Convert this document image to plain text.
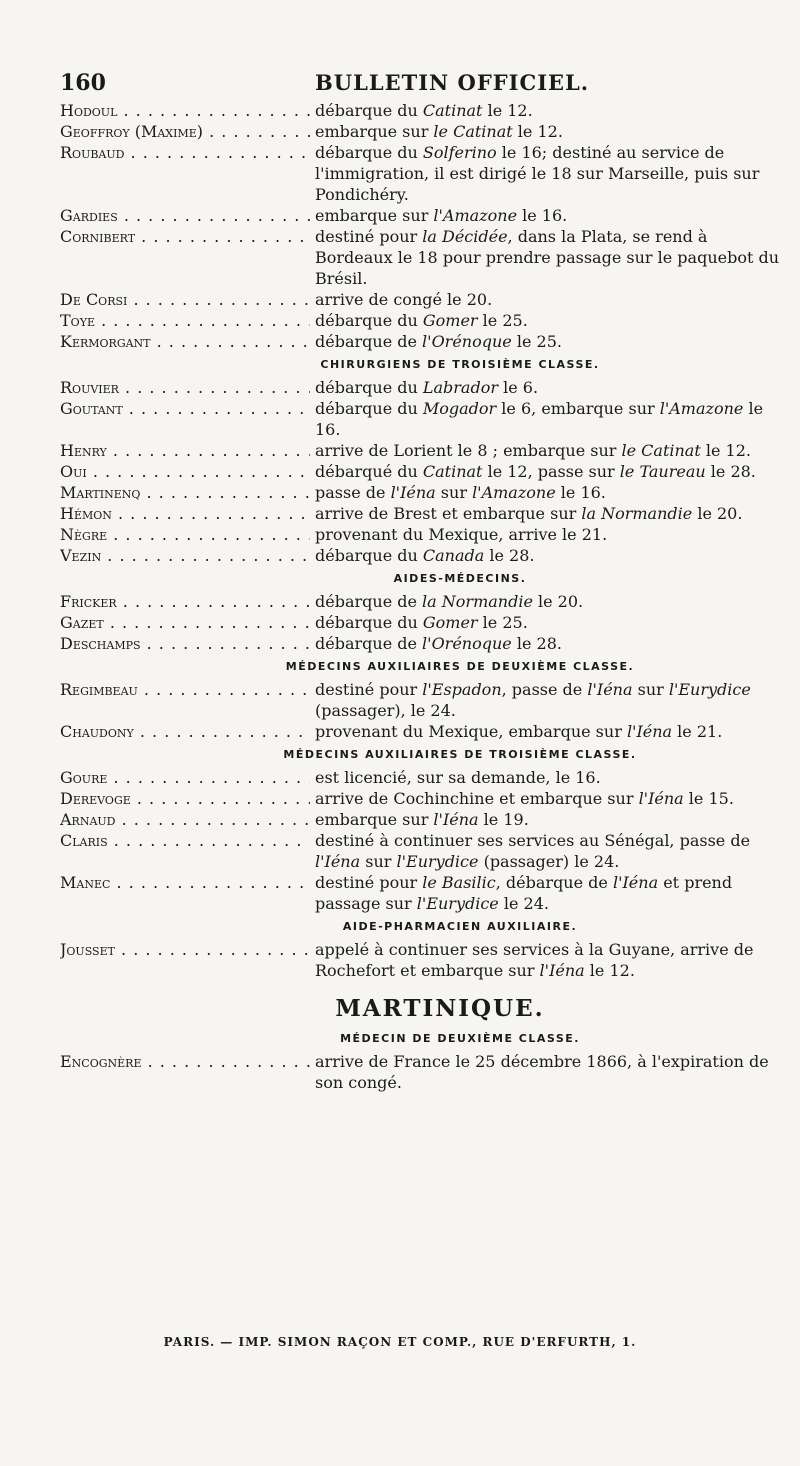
160	BULLETIN OFFICIEL.
Hodoul . . .	débarque du Catinat le 12.
Geoffroy (Maxime) . . .	embarque sur le Catinat le 12.
Roubaud . . .	débarque du Solferino le 16; destiné au service de l'immigration, il est dirigé le 18 sur Marseille, puis sur Pondichéry.
Gardies . . .	embarque sur l'Amazone le 16.
Cornibert . . .	destiné pour la Décidée, dans la Plata, se rend à Bordeaux le 18 pour prendre passage sur le paquebot du Brésil.
De Corsi . . .	arrive de congé le 20.
Toye . . .	débarque du Gomer le 25.
Kermorgant . . .	débarque de l'Orénoque le 25.
CHIRURGIENS DE TROISIÈME CLASSE.
Rouvier . . .	débarque du Labrador le 6.
Goutant . . .	débarque du Mogador le 6, embarque sur l'Amazone le 16.
Henry . . .	arrive de Lorient le 8 ; embarque sur le Catinat le 12.
Oui . . .	débarqué du Catinat le 12, passe sur le Taureau le 28.
Martinenq . . .	passe de l'Iéna sur l'Amazone le 16.
Hémon . . .	arrive de Brest et embarque sur la Normandie le 20.
Nègre . . .	provenant du Mexique, arrive le 21.
Vezin . . .	débarque du Canada le 28.
AIDES-MÉDECINS.
Fricker . . .	débarque de la Normandie le 20.
Gazet . . .	débarque du Gomer le 25.
Deschamps . . .	débarque de l'Orénoque le 28.
MÉDECINS AUXILIAIRES DE DEUXIÈME CLASSE.
Regimbeau . . .	destiné pour l'Espadon, passe de l'Iéna sur l'Eurydice (passager), le 24.
Chaudony . . .	provenant du Mexique, embarque sur l'Iéna le 21.
MÉDECINS AUXILIAIRES DE TROISIÈME CLASSE.
Goure . . .	est licencié, sur sa demande, le 16.
Derevoge . . .	arrive de Cochinchine et embarque sur l'Iéna le 15.
Arnaud . . .	embarque sur l'Iéna le 19.
Claris . . .	destiné à continuer ses services au Sénégal, passe de l'Iéna sur l'Eurydice (passager) le 24.
Manec . . .	destiné pour le Basilic, débarque de l'Iéna et prend passage sur l'Eurydice le 24.
AIDE-PHARMACIEN AUXILIAIRE.
Jousset . . .	appelé à continuer ses services à la Guyane, arrive de Rochefort et embarque sur l'Iéna le 12.
MARTINIQUE.
MÉDECIN DE DEUXIÈME CLASSE.
Encognère . . .	arrive de France le 25 décembre 1866, à l'expiration de son congé.
PARIS. — IMP. SIMON RAÇON ET COMP., RUE D'ERFURTH, 1.
